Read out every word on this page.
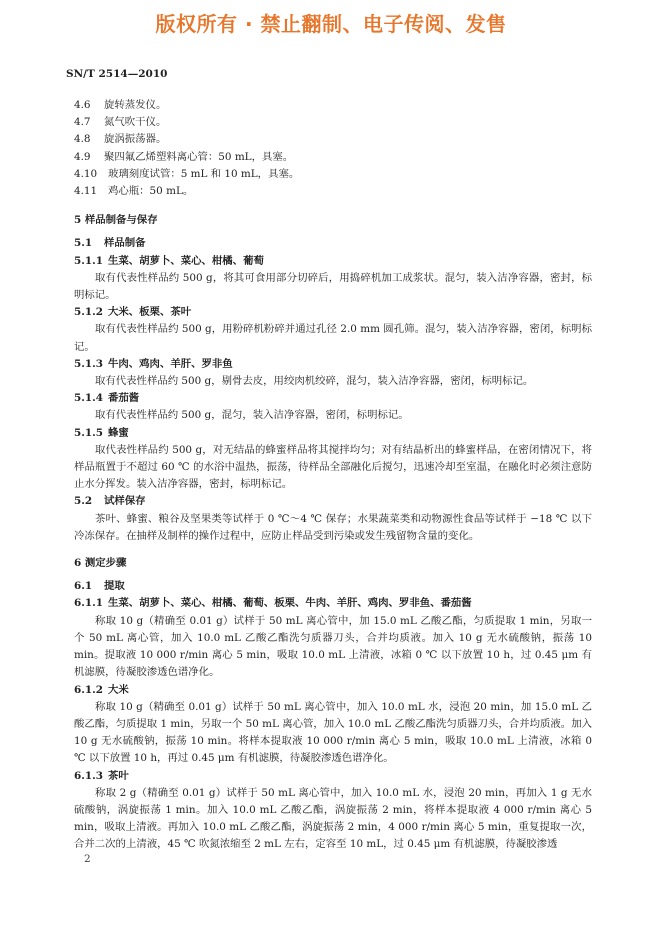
版权所有 · 禁止翻制、电子传阅、发售
SN/T 2514—2010
4.6 旋转蒸发仪。
4.7 氮气吹干仪。
4.8 旋涡振荡器。
4.9 聚四氟乙烯塑料离心管：50 mL，具塞。
4.10 玻璃刻度试管：5 mL 和 10 mL，具塞。
4.11 鸡心瓶：50 mL。
5 样品制备与保存
5.1 样品制备
5.1.1 生菜、胡萝卜、菜心、柑橘、葡萄
取有代表性样品约 500 g，将其可食用部分切碎后，用捣碎机加工成浆状。混匀，装入洁净容器，密封，标明标记。
5.1.2 大米、板栗、茶叶
取有代表性样品约 500 g，用粉碎机粉碎并通过孔径 2.0 mm 圆孔筛。混匀，装入洁净容器，密闭，标明标记。
5.1.3 牛肉、鸡肉、羊肝、罗非鱼
取有代表性样品约 500 g，剔骨去皮，用绞肉机绞碎，混匀，装入洁净容器，密闭，标明标记。
5.1.4 番茄酱
取有代表性样品约 500 g，混匀，装入洁净容器，密闭，标明标记。
5.1.5 蜂蜜
取代表性样品约 500 g，对无结晶的蜂蜜样品将其搅拌均匀；对有结晶析出的蜂蜜样品，在密闭情况下，将样品瓶置于不超过 60 ℃ 的水浴中温热，振荡，待样品全部融化后搅匀，迅速冷却至室温，在融化时必须注意防止水分挥发。装入洁净容器，密封，标明标记。
5.2 试样保存
茶叶、蜂蜜、粮谷及坚果类等试样于 0 ℃～4 ℃ 保存；水果蔬菜类和动物源性食品等试样于 −18 ℃ 以下冷冻保存。在抽样及制样的操作过程中，应防止样品受到污染或发生残留物含量的变化。
6 测定步骤
6.1 提取
6.1.1 生菜、胡萝卜、菜心、柑橘、葡萄、板栗、牛肉、羊肝、鸡肉、罗非鱼、番茄酱
称取 10 g（精确至 0.01 g）试样于 50 mL 离心管中，加 15.0 mL 乙酸乙酯，匀质提取 1 min，另取一个 50 mL 离心管，加入 10.0 mL 乙酸乙酯洗匀质器刀头，合并均质液。加入 10 g 无水硫酸钠，振荡 10 min。提取液 10 000 r/min 离心 5 min，吸取 10.0 mL 上清液，冰箱 0 ℃ 以下放置 10 h，过 0.45 μm 有机滤膜，待凝胶渗透色谱净化。
6.1.2 大米
称取 10 g（精确至 0.01 g）试样于 50 mL 离心管中，加入 10.0 mL 水，浸泡 20 min，加 15.0 mL 乙酸乙酯，匀质提取 1 min，另取一个 50 mL 离心管，加入 10.0 mL 乙酸乙酯洗匀质器刀头，合并均质液。加入 10 g 无水硫酸钠，振荡 10 min。将样本提取液 10 000 r/min 离心 5 min，吸取 10.0 mL 上清液，冰箱 0 ℃ 以下放置 10 h，再过 0.45 μm 有机滤膜，待凝胶渗透色谱净化。
6.1.3 茶叶
称取 2 g（精确至 0.01 g）试样于 50 mL 离心管中，加入 10.0 mL 水，浸泡 20 min，再加入 1 g 无水硫酸钠，涡旋振荡 1 min。加入 10.0 mL 乙酸乙酯，涡旋振荡 2 min，将样本提取液 4 000 r/min 离心 5 min，吸取上清液。再加入 10.0 mL 乙酸乙酯，涡旋振荡 2 min，4 000 r/min 离心 5 min，重复提取一次，合并二次的上清液，45 ℃ 吹氮浓缩至 2 mL 左右，定容至 10 mL，过 0.45 μm 有机滤膜，待凝胶渗透
2
